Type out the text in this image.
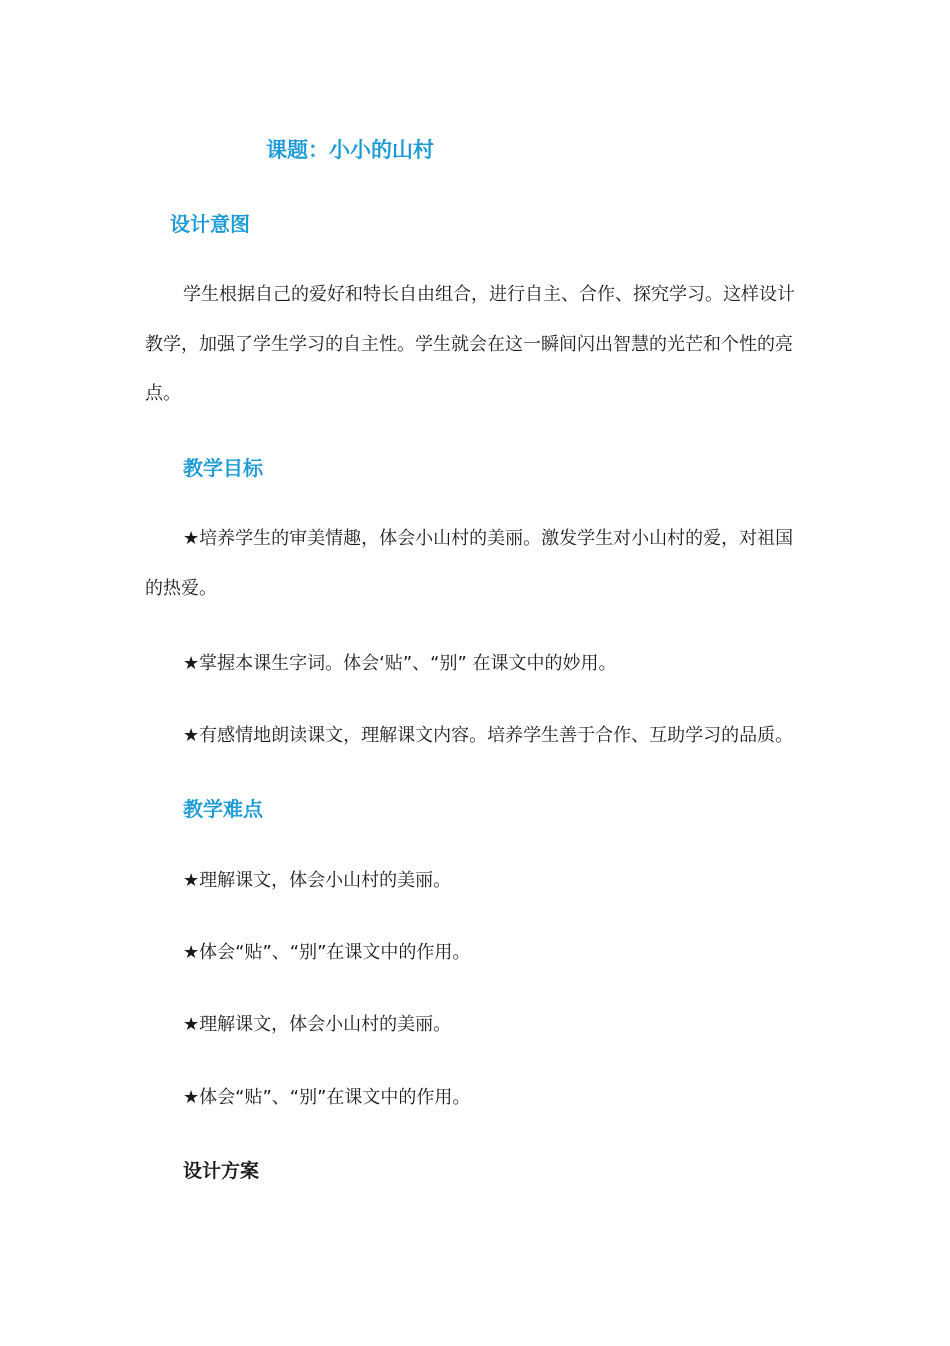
课题：小小的山村
设计意图

学生根据自己的爱好和特长自由组合，进行自主、合作、探究学习。这样设计教学，加强了学生学习的自主性。学生就会在这一瞬间闪出智慧的光芒和个性的亮点。

教学目标

★培养学生的审美情趣，体会小山村的美丽。激发学生对小山村的爱，对祖国的热爱。

★掌握本课生字词。体会‘贴”、“别” 在课文中的妙用。

★有感情地朗读课文，理解课文内容。培养学生善于合作、互助学习的品质。

教学难点

★理解课文，体会小山村的美丽。

★体会“贴”、“别”在课文中的作用。

★理解课文，体会小山村的美丽。

★体会“贴”、“别”在课文中的作用。

设计方案
